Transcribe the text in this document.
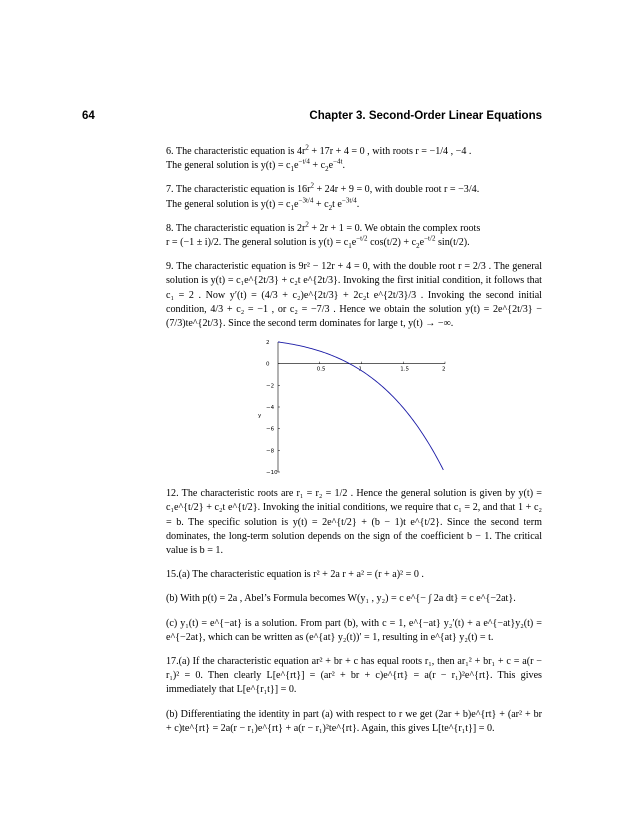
64	Chapter 3. Second-Order Linear Equations

6. The characteristic equation is $4r^2 + 17r + 4 = 0$ , with roots r = −1/4 , −4 .
The general solution is $y(t) = c_1e^{-t/4} + c_2e^{-4t}$.

7. The characteristic equation is $16r^2 + 24r + 9 = 0$, with double root r = −3/4.
The general solution is $y(t) = c_1e^{-3t/4} + c_2t$ $e^{-3t/4}$.

8. The characteristic equation is $2r^2 + 2r + 1 = 0$. We obtain the complex roots
r = (−1 ± i)/2. The general solution is $y(t) = c_1e^{-t/2}$ $\cos(t/2) + c_2e^{-t/2}$ sin(t/2).

9. The characteristic equation is 9r² − 12r + 4 = 0, with the double root r = 2/3 . The general solution is y(t) = c₁e^{2t/3} + c₂t e^{2t/3}. Invoking the first initial condition, it follows that c₁ = 2 . Now y′(t) = (4/3 + c₂)e^{2t/3} + 2c₂t e^{2t/3}/3 . Invoking the second initial condition, 4/3 + c₂ = −1 , or c₂ = −7/3 . Hence we obtain the solution y(t) = 2e^{2t/3} − (7/3)te^{2t/3}. Since the second term dominates for large t, y(t) → −∞.

0.5	1	1.5	2
2
0
−2
−4
−6
−8
−10
y

12. The characteristic roots are r₁ = r₂ = 1/2 . Hence the general solution is given by y(t) = c₁e^{t/2} + c₂t e^{t/2}. Invoking the initial conditions, we require that c₁ = 2, and that 1 + c₂ = b. The specific solution is y(t) = 2e^{t/2} + (b − 1)t e^{t/2}. Since the second term dominates, the long-term solution depends on the sign of the coefficient b − 1. The critical value is b = 1.

15.(a) The characteristic equation is r² + 2a r + a² = (r + a)² = 0 .

(b) With p(t) = 2a , Abel’s Formula becomes W(y₁ , y₂) = c e^{− ∫ 2a dt} = c e^{−2at}.

(c) y₁(t) = e^{−at} is a solution. From part (b), with c = 1, e^{−at} y₂′(t) + a e^{−at}y₂(t) = e^{−2at}, which can be written as (e^{at} y₂(t))′ = 1, resulting in e^{at} y₂(t) = t.

17.(a) If the characteristic equation ar² + br + c has equal roots r₁, then ar₁² + br₁ + c = a(r − r₁)² = 0. Then clearly L[e^{rt}] = (ar² + br + c)e^{rt} = a(r − r₁)²e^{rt}. This gives immediately that L[e^{r₁t}] = 0.

(b) Differentiating the identity in part (a) with respect to r we get (2ar + b)e^{rt} + (ar² + br + c)te^{rt} = 2a(r − r₁)e^{rt} + a(r − r₁)²te^{rt}. Again, this gives L[te^{r₁t}] = 0.
